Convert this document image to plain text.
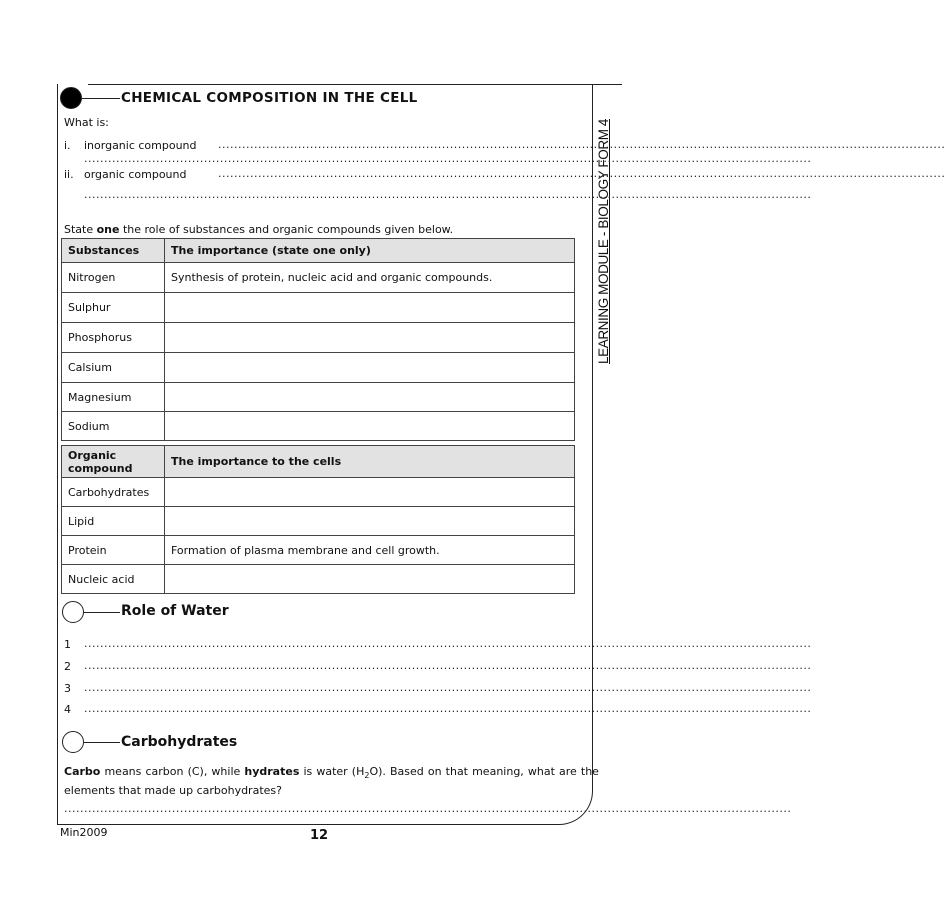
LEARNING MODULE - BIOLOGY FORM 4
CHEMICAL COMPOSITION IN THE CELL
What is:
i. inorganic compound ......................................................................................................................................................................................
......................................................................................................................................................................................
ii. organic compound	......................................................................................................................................................................................
......................................................................................................................................................................................
State one the role of substances and organic compounds given below.
Substances	The importance (state one only)
Nitrogen	Synthesis of protein, nucleic acid and organic compounds.
Sulphur	
Phosphorus	
Calsium	
Magnesium	
Sodium	
Organic compound	The importance to the cells
Carbohydrates	
Lipid	
Protein	Formation of plasma membrane and cell growth.
Nucleic acid	
Role of Water
1 ......................................................................................................................................................................................
2 ......................................................................................................................................................................................
3 ......................................................................................................................................................................................
4 ......................................................................................................................................................................................
Carbohydrates
Carbo means carbon (C), while hydrates is water $(H_2O)$. Based on that meaning, what are the
elements that made up carbohydrates?
......................................................................................................................................................................................
Min2009	12
